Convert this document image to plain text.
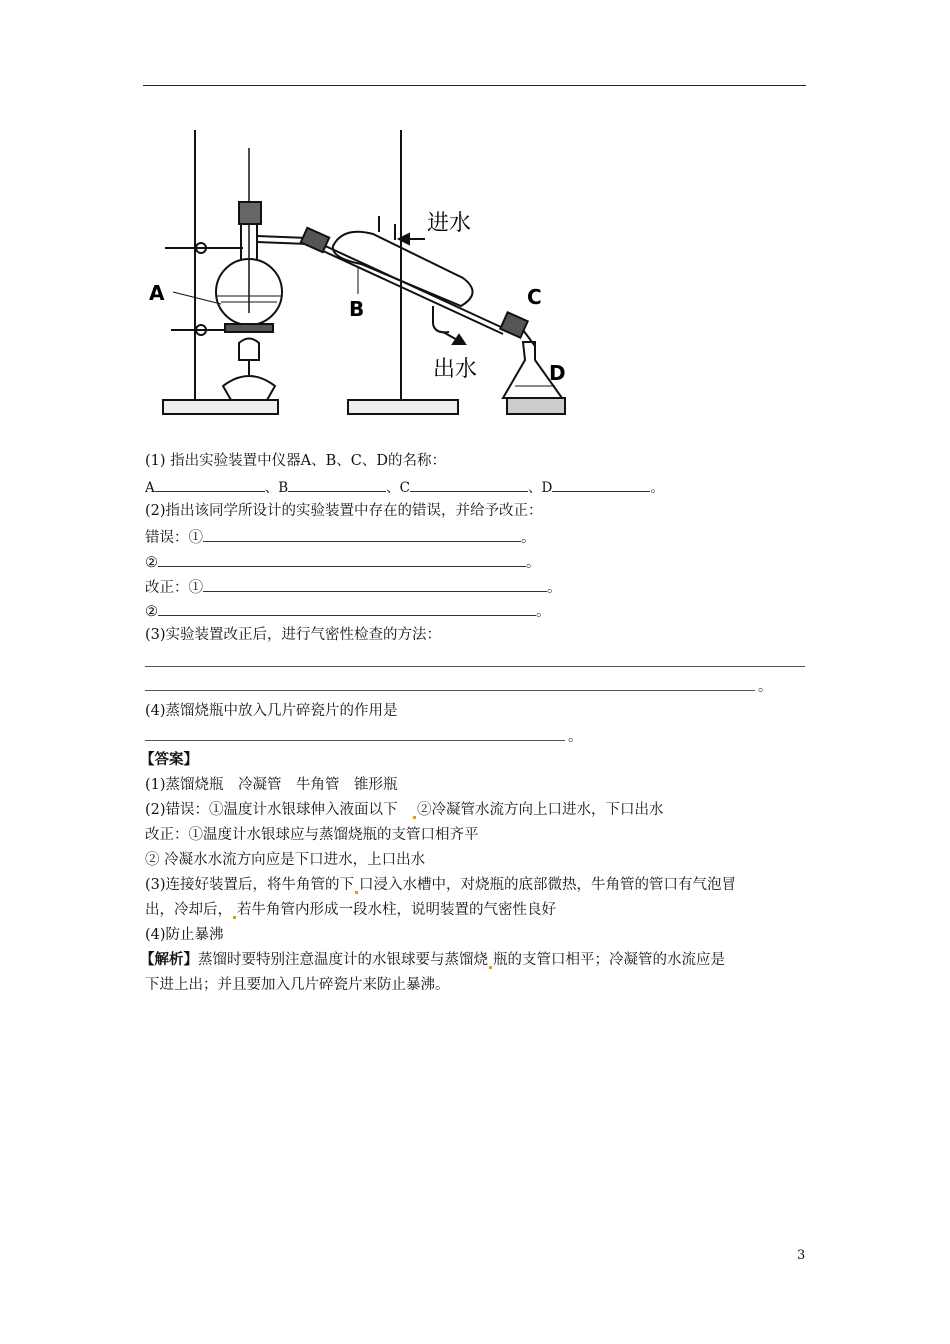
A
B	C
D
进水
出水
(1) 指出实验装置中仪器A、B、C、D的名称：
A	、B	、C	、D	。
(2)指出该同学所设计的实验装置中存在的错误，并给予改正：
错误：①	。
②	。
改正：①	。
②	。
(3)实验装置改正后，进行气密性检查的方法：
。
(4)蒸馏烧瓶中放入几片碎瓷片的作用是
。
【答案】
(1)蒸馏烧瓶　冷凝管　牛角管　锥形瓶
(2)错误：①温度计水银球伸入液面以下　②冷凝管水流方向上口进水，下口出水
改正：①温度计水银球应与蒸馏烧瓶的支管口相齐平
② 冷凝水水流方向应是下口进水，上口出水
(3)连接好装置后，将牛角管的下 口浸入水槽中，对烧瓶的底部微热，牛角管的管口有气泡冒
出，冷却后， 若牛角管内形成一段水柱，说明装置的气密性良好
(4)防止暴沸
【解析】蒸馏时要特别注意温度计的水银球要与蒸馏烧 瓶的支管口相平；冷凝管的水流应是
下进上出；并且要加入几片碎瓷片来防止暴沸。
3
